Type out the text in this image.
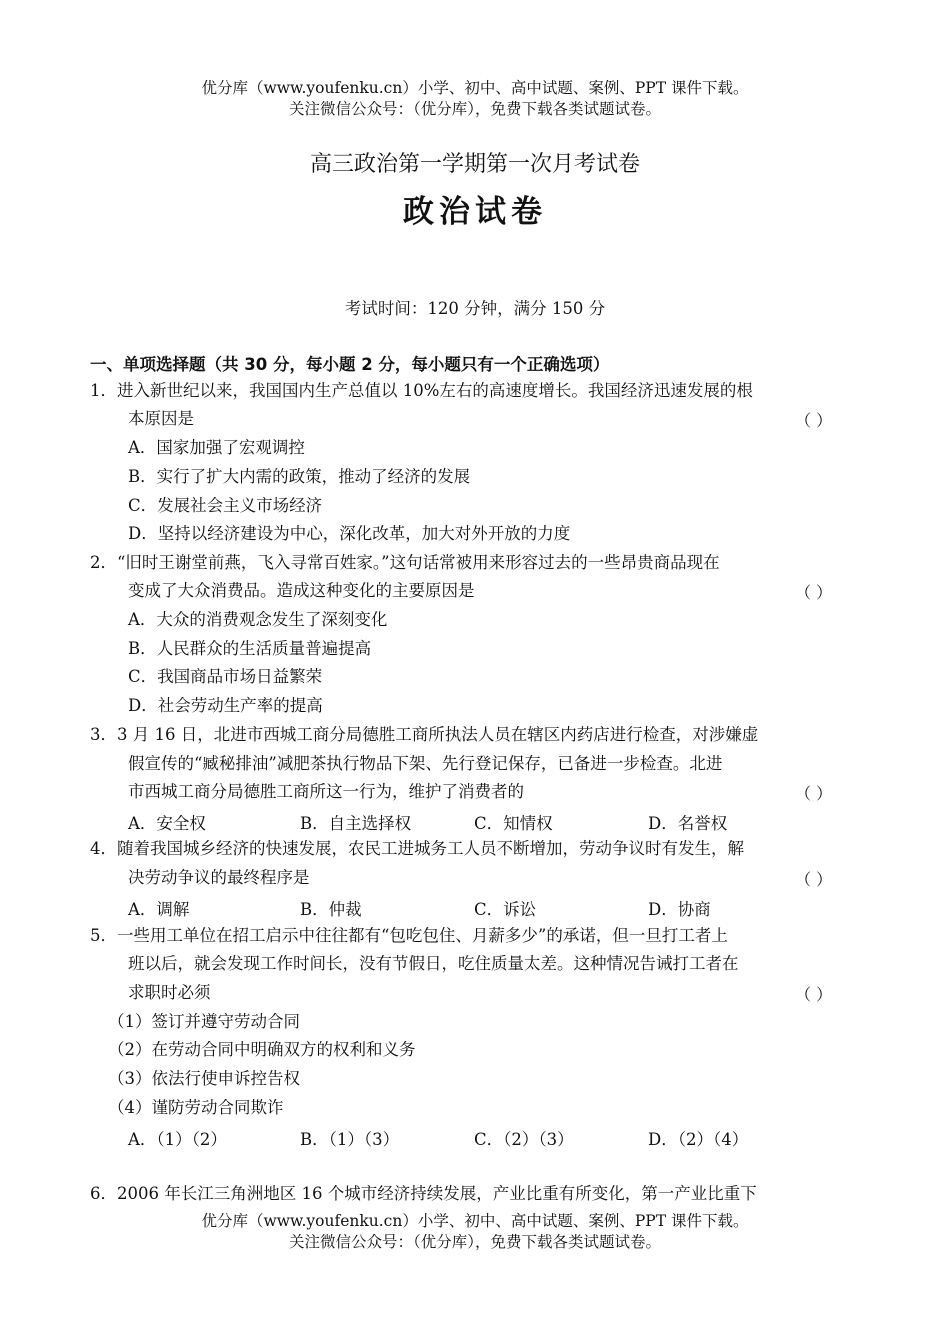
优分库（www.youfenku.cn）小学、初中、高中试题、案例、PPT 课件下载。
关注微信公众号：（优分库），免费下载各类试题试卷。
高三政治第一学期第一次月考试卷
政治试卷
考试时间：120 分钟，满分 150 分
一、单项选择题（共 30 分，每小题 2 分，每小题只有一个正确选项）
1．进入新世纪以来，我国国内生产总值以 10%左右的高速度增长。我国经济迅速发展的根
本原因是	（ ）
A．国家加强了宏观调控
B．实行了扩大内需的政策，推动了经济的发展
C．发展社会主义市场经济
D．坚持以经济建设为中心，深化改革，加大对外开放的力度
2．“旧时王谢堂前燕，飞入寻常百姓家。”这句话常被用来形容过去的一些昂贵商品现在
变成了大众消费品。造成这种变化的主要原因是	（ ）
A．大众的消费观念发生了深刻变化
B．人民群众的生活质量普遍提高
C．我国商品市场日益繁荣
D．社会劳动生产率的提高
3．3 月 16 日，北进市西城工商分局德胜工商所执法人员在辖区内药店进行检查，对涉嫌虚
假宣传的“臧秘排油”减肥茶执行物品下架、先行登记保存，已备进一步检查。北进
市西城工商分局德胜工商所这一行为，维护了消费者的	（ ）
A．安全权	B．自主选择权	C．知情权	D．名誉权
4．随着我国城乡经济的快速发展，农民工进城务工人员不断增加，劳动争议时有发生，解
决劳动争议的最终程序是	（ ）
A．调解	B．仲裁	C．诉讼	D．协商
5．一些用工单位在招工启示中往往都有“包吃包住、月薪多少”的承诺，但一旦打工者上
班以后，就会发现工作时间长，没有节假日，吃住质量太差。这种情况告诫打工者在
求职时必须	（ ）
（1）签订并遵守劳动合同
（2）在劳动合同中明确双方的权利和义务
（3）依法行使申诉控告权
（4）谨防劳动合同欺诈
A．（1）（2）	B．（1）（3）	C．（2）（3）	D．（2）（4）
6．2006 年长江三角洲地区 16 个城市经济持续发展，产业比重有所变化，第一产业比重下
优分库（www.youfenku.cn）小学、初中、高中试题、案例、PPT 课件下载。
关注微信公众号：（优分库），免费下载各类试题试卷。
